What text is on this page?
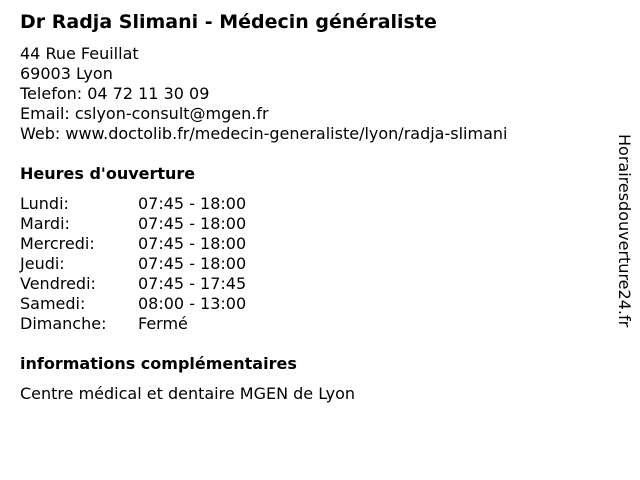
Dr Radja Slimani - Médecin généraliste
44 Rue Feuillat
69003 Lyon
Telefon: 04 72 11 30 09
Email: cslyon-consult@mgen.fr
Web: www.doctolib.fr/medecin-generaliste/lyon/radja-slimani
Heures d'ouverture
Lundi:	07:45 - 18:00
Mardi:	07:45 - 18:00
Mercredi:	07:45 - 18:00
Jeudi:	07:45 - 18:00
Vendredi:	07:45 - 17:45
Samedi:	08:00 - 13:00
Dimanche: Fermé
informations complémentaires
Centre médical et dentaire MGEN de Lyon
Horairesdouverture24.fr
